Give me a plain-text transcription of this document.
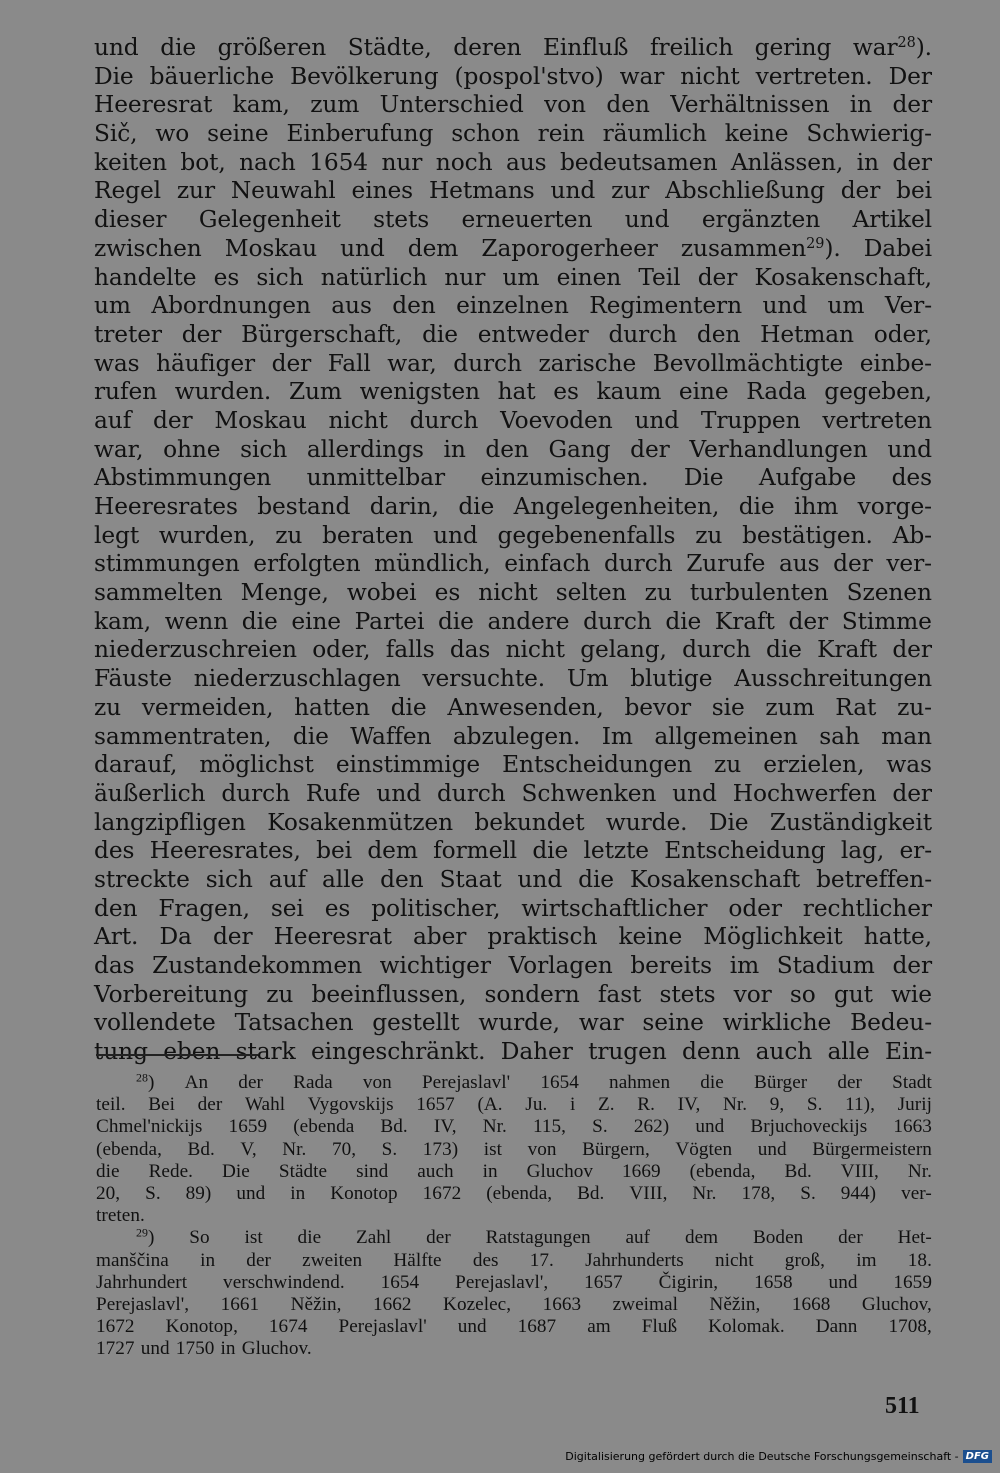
und die größeren Städte, deren Einfluß freilich gering war$^{28}$).
Die bäuerliche Bevölkerung (pospol'stvo) war nicht vertreten. Der
Heeresrat kam, zum Unterschied von den Verhältnissen in der
Sič, wo seine Einberufung schon rein räumlich keine Schwierig-
keiten bot, nach 1654 nur noch aus bedeutsamen Anlässen, in der
Regel zur Neuwahl eines Hetmans und zur Abschließung der bei
dieser Gelegenheit stets erneuerten und ergänzten Artikel
zwischen Moskau und dem Zaporogerheer zusammen$^{29}$). Dabei
handelte es sich natürlich nur um einen Teil der Kosakenschaft,
um Abordnungen aus den einzelnen Regimentern und um Ver-
treter der Bürgerschaft, die entweder durch den Hetman oder,
was häufiger der Fall war, durch zarische Bevollmächtigte einbe-
rufen wurden. Zum wenigsten hat es kaum eine Rada gegeben,
auf der Moskau nicht durch Voevoden und Truppen vertreten
war, ohne sich allerdings in den Gang der Verhandlungen und
Abstimmungen unmittelbar einzumischen. Die Aufgabe des
Heeresrates bestand darin, die Angelegenheiten, die ihm vorge-
legt wurden, zu beraten und gegebenenfalls zu bestätigen. Ab-
stimmungen erfolgten mündlich, einfach durch Zurufe aus der ver-
sammelten Menge, wobei es nicht selten zu turbulenten Szenen
kam, wenn die eine Partei die andere durch die Kraft der Stimme
niederzuschreien oder, falls das nicht gelang, durch die Kraft der
Fäuste niederzuschlagen versuchte. Um blutige Ausschreitungen
zu vermeiden, hatten die Anwesenden, bevor sie zum Rat zu-
sammentraten, die Waffen abzulegen. Im allgemeinen sah man
darauf, möglichst einstimmige Entscheidungen zu erzielen, was
äußerlich durch Rufe und durch Schwenken und Hochwerfen der
langzipfligen Kosakenmützen bekundet wurde. Die Zuständigkeit
des Heeresrates, bei dem formell die letzte Entscheidung lag, er-
streckte sich auf alle den Staat und die Kosakenschaft betreffen-
den Fragen, sei es politischer, wirtschaftlicher oder rechtlicher
Art. Da der Heeresrat aber praktisch keine Möglichkeit hatte,
das Zustandekommen wichtiger Vorlagen bereits im Stadium der
Vorbereitung zu beeinflussen, sondern fast stets vor so gut wie
vollendete Tatsachen gestellt wurde, war seine wirkliche Bedeu-
tung eben stark eingeschränkt. Daher trugen denn auch alle Ein-
$^{28}$) An der Rada von Perejaslavl' 1654 nahmen die Bürger der Stadt
teil. Bei der Wahl Vygovskijs 1657 (A. Ju. i Z. R. IV, Nr. 9, S. 11), Jurij
Chmel'nickijs 1659 (ebenda Bd. IV, Nr. 115, S. 262) und Brjuchoveckijs 1663
(ebenda, Bd. V, Nr. 70, S. 173) ist von Bürgern, Vögten und Bürgermeistern
die Rede. Die Städte sind auch in Gluchov 1669 (ebenda, Bd. VIII, Nr.
20, S. 89) und in Konotop 1672 (ebenda, Bd. VIII, Nr. 178, S. 944) ver-
treten.
$^{29}$) So ist die Zahl der Ratstagungen auf dem Boden der Het-
manščina in der zweiten Hälfte des 17. Jahrhunderts nicht groß, im 18.
Jahrhundert verschwindend. 1654 Perejaslavl', 1657 Čigirin, 1658 und 1659
Perejaslavl', 1661 Něžin, 1662 Kozelec, 1663 zweimal Něžin, 1668 Gluchov,
1672 Konotop, 1674 Perejaslavl' und 1687 am Fluß Kolomak. Dann 1708,
1727 und 1750 in Gluchov.
511
Digitalisierung gefördert durch die Deutsche Forschungsgemeinschaft - DFG
